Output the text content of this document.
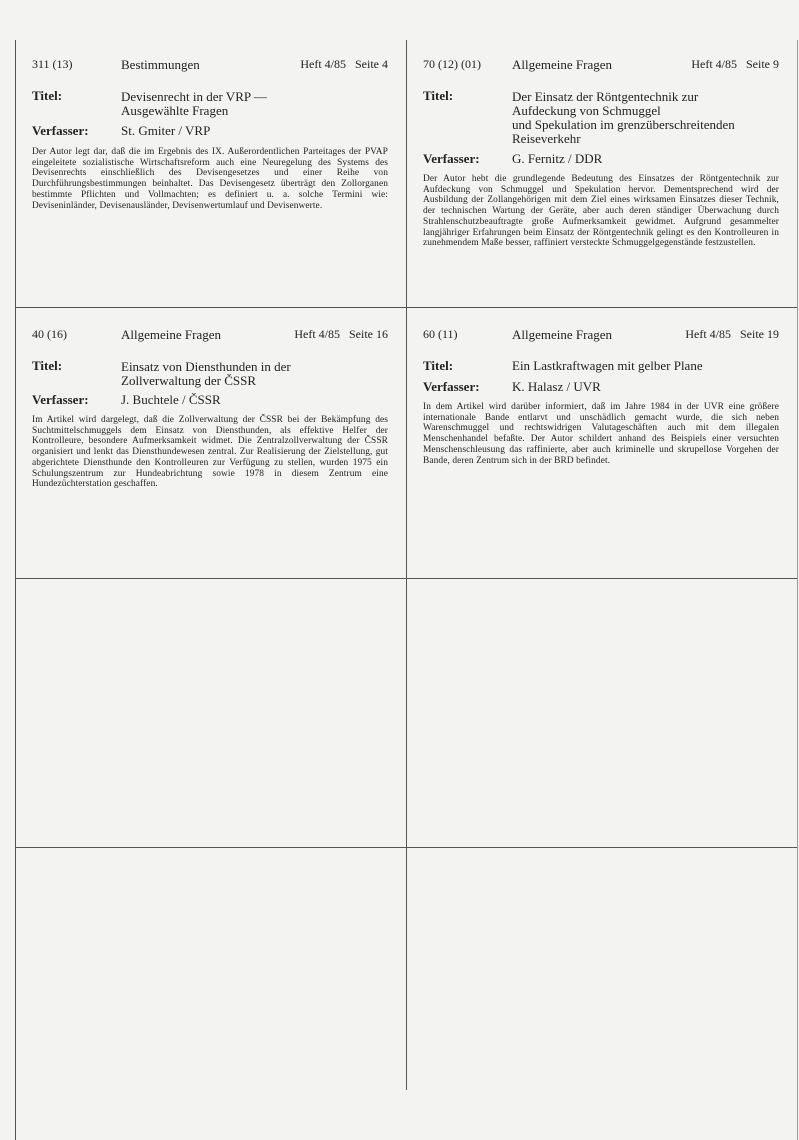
311 (13)	Bestimmungen	Heft 4/85 Seite 4
Titel:	Devisenrecht in der VRP —
Ausgewählte Fragen
Verfasser: St. Gmiter / VRP
Der Autor legt dar, daß die im Ergebnis des IX. Außerordentlichen Parteitages der PVAP eingeleitete sozialistische Wirtschaftsreform auch eine Neuregelung des Systems des Devisenrechts einschließlich des Devisengesetzes und einer Reihe von Durchführungsbestimmungen beinhaltet. Das Devisengesetz überträgt den Zollorganen bestimmte Pflichten und Vollmachten; es definiert u. a. solche Termini wie: Deviseninländer, Devisenausländer, Devisenwertumlauf und Devisenwerte.
70 (12) (01) Allgemeine Fragen	Heft 4/85 Seite 9
Titel:	Der Einsatz der Röntgentechnik zur
Aufdeckung von Schmuggel
und Spekulation im grenzüberschreitenden
Reiseverkehr
Verfasser: G. Fernitz / DDR
Der Autor hebt die grundlegende Bedeutung des Einsatzes der Röntgentechnik zur Aufdeckung von Schmuggel und Spekulation hervor. Dementsprechend wird der Ausbildung der Zollangehörigen mit dem Ziel eines wirksamen Einsatzes dieser Technik, der technischen Wartung der Geräte, aber auch deren ständiger Überwachung durch Strahlenschutzbeauftragte große Aufmerksamkeit gewidmet. Aufgrund gesammelter langjähriger Erfahrungen beim Einsatz der Röntgentechnik gelingt es den Kontrolleuren in zunehmendem Maße besser, raffiniert versteckte Schmuggelgegenstände festzustellen.
40 (16)	Allgemeine Fragen	Heft 4/85 Seite 16
Titel:	Einsatz von Diensthunden in der
Zollverwaltung der ČSSR
Verfasser: J. Buchtele / ČSSR
Im Artikel wird dargelegt, daß die Zollverwaltung der ČSSR bei der Bekämpfung des Suchtmittelschmuggels dem Einsatz von Diensthunden, als effektive Helfer der Kontrolleure, besondere Aufmerksamkeit widmet. Die Zentralzollverwaltung der ČSSR organisiert und lenkt das Diensthundewesen zentral. Zur Realisierung der Zielstellung, gut abgerichtete Diensthunde den Kontrolleuren zur Verfügung zu stellen, wurden 1975 ein Schulungszentrum zur Hundeabrichtung sowie 1978 in diesem Zentrum eine Hundezüchterstation geschaffen.
60 (11)	Allgemeine Fragen	Heft 4/85 Seite 19
Titel:	Ein Lastkraftwagen mit gelber Plane
Verfasser: K. Halasz / UVR
In dem Artikel wird darüber informiert, daß im Jahre 1984 in der UVR eine größere internationale Bande entlarvt und unschädlich gemacht wurde, die sich neben Warenschmuggel und rechtswidrigen Valutageschäften auch mit dem illegalen Menschenhandel befaßte. Der Autor schildert anhand des Beispiels einer versuchten Menschenschleusung das raffinierte, aber auch kriminelle und skrupellose Vorgehen der Bande, deren Zentrum sich in der BRD befindet.
